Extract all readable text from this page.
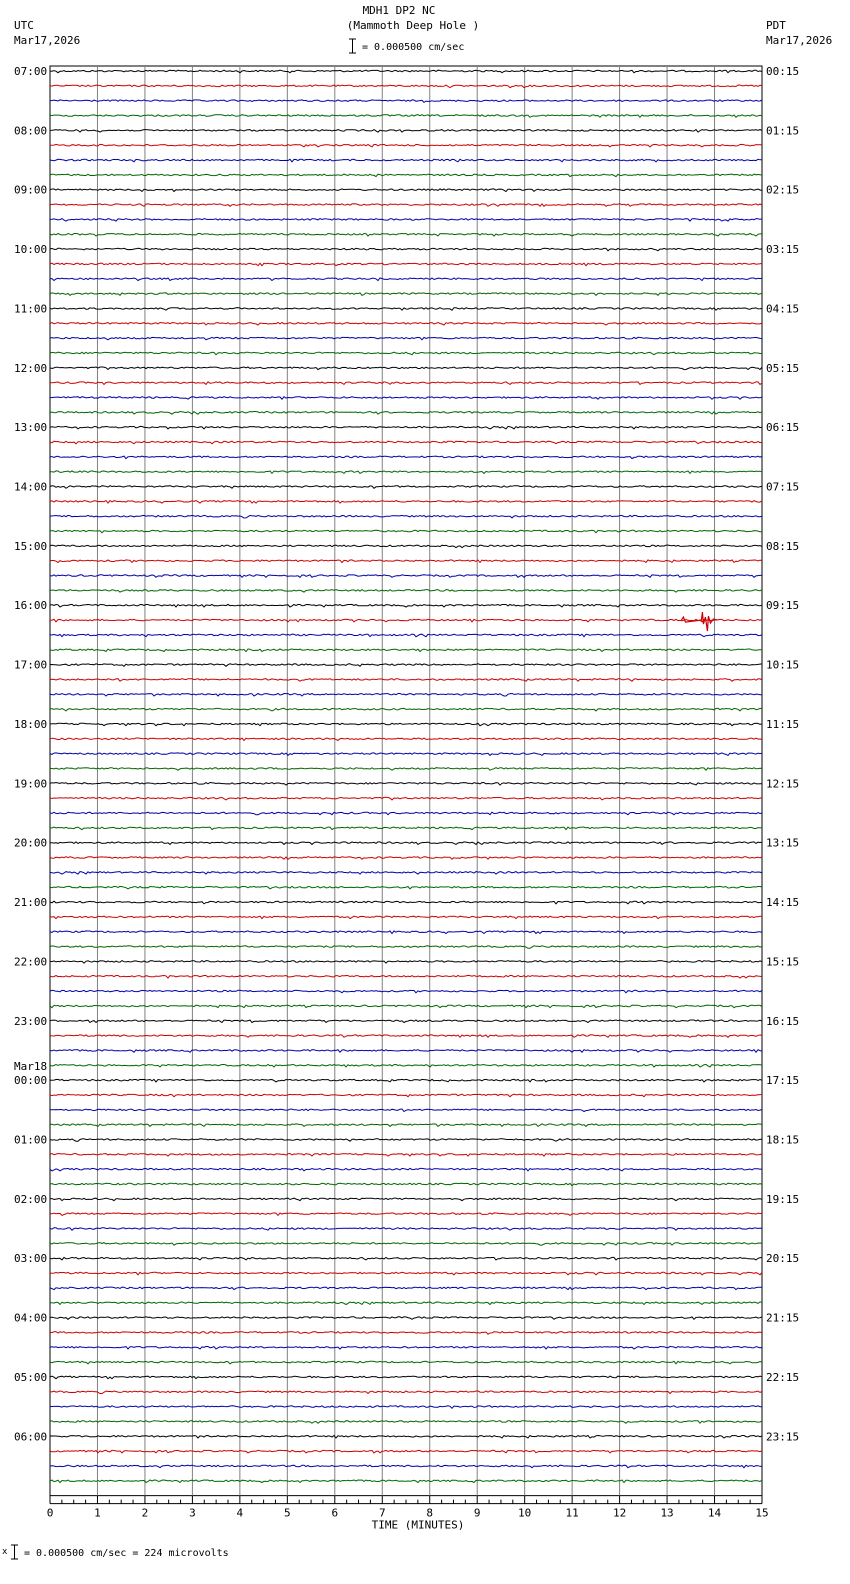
MDH1 DP2 NC
(Mammoth Deep Hole )
UTC
Mar17,2026
PDT
Mar17,2026
= 0.000500 cm/sec
07:00	00:15
08:00	01:15
09:00	02:15
10:00	03:15
11:00	04:15
12:00	05:15
13:00	06:15
14:00	07:15
15:00	08:15
16:00	09:15
17:00	10:15
18:00	11:15
19:00	12:15
20:00	13:15
21:00	14:15
22:00	15:15
23:00	16:15
00:00	17:15
Mar18
01:00	18:15
02:00	19:15
03:00	20:15
04:00	21:15
05:00	22:15
06:00	23:15
0	1	2	3	4	5	6	7	8	9	10	11	12	13	14	15
TIME (MINUTES)
x = 0.000500 cm/sec = 224 microvolts
